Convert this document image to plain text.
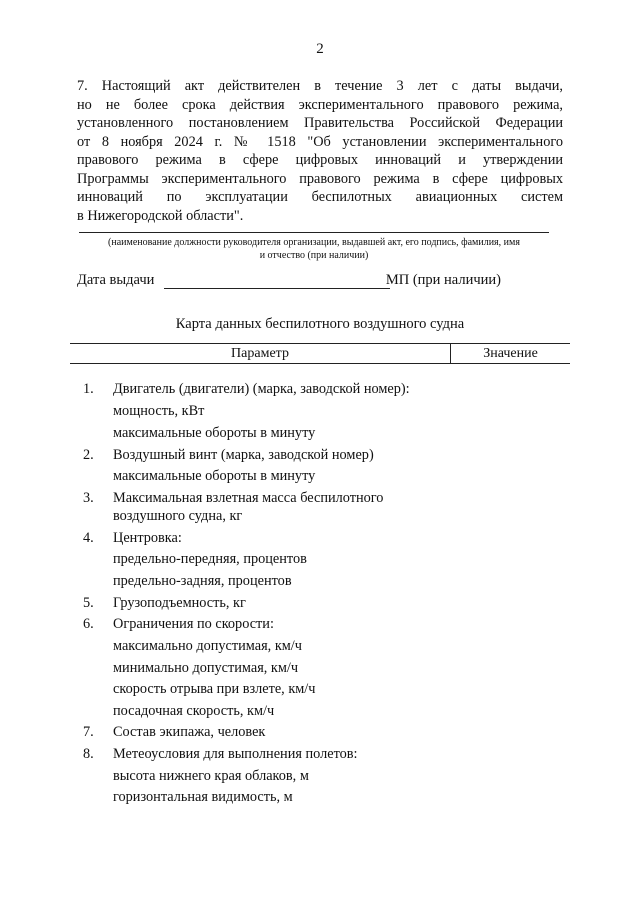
2
7. Настоящий акт действителен в течение 3 лет с даты выдачи,
но не более срока действия экспериментального правового режима,
установленного постановлением Правительства Российской Федерации
от 8 ноября 2024 г. № 1518 "Об установлении экспериментального
правового режима в сфере цифровых инноваций и утверждении
Программы экспериментального правового режима в сфере цифровых
инноваций по эксплуатации беспилотных авиационных систем
в Нижегородской области".
(наименование должности руководителя организации, выдавшей акт, его подпись, фамилия, имя
и отчество (при наличии)
Дата выдачи	МП (при наличии)
Карта данных беспилотного воздушного судна
Параметр	Значение
1. Двигатель (двигатели) (марка, заводской номер):
мощность, кВт
максимальные обороты в минуту
2. Воздушный винт (марка, заводской номер)
максимальные обороты в минуту
3. Максимальная взлетная масса беспилотного
воздушного судна, кг
4. Центровка:
предельно-передняя, процентов
предельно-задняя, процентов
5. Грузоподъемность, кг
6. Ограничения по скорости:
максимально допустимая, км/ч
минимально допустимая, км/ч
скорость отрыва при взлете, км/ч
посадочная скорость, км/ч
7. Состав экипажа, человек
8. Метеоусловия для выполнения полетов:
высота нижнего края облаков, м
горизонтальная видимость, м
